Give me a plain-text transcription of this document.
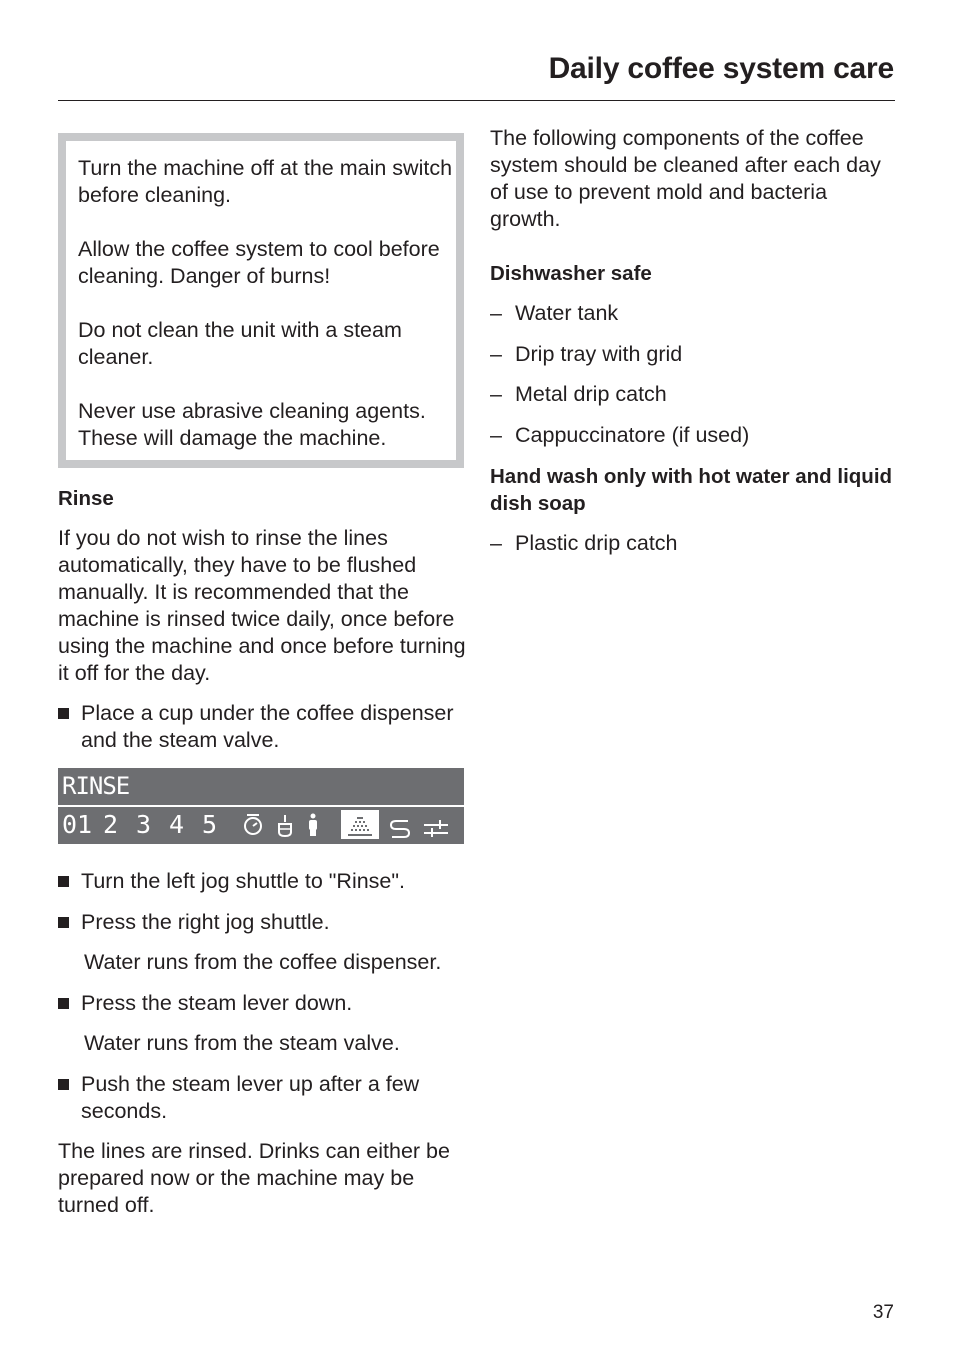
Daily coffee system care

Turn the machine off at the main switch before cleaning.

Allow the coffee system to cool before cleaning. Danger of burns!

Do not clean the unit with a steam cleaner.

Never use abrasive cleaning agents. These will damage the machine.

Rinse

If you do not wish to rinse the lines automatically, they have to be flushed manually. It is recommended that the machine is rinsed twice daily, once before using the machine and once before turning it off for the day.

Place a cup under the coffee dispenser and the steam valve.
RINSE
01 2 3 4 5
Turn the left jog shuttle to "Rinse".
Press the right jog shuttle.

Water runs from the coffee dispenser.

Press the steam lever down.

Water runs from the steam valve.

Push the steam lever up after a few seconds.

The lines are rinsed. Drinks can either be prepared now or the machine may be turned off.

The following components of the coffee system should be cleaned after each day of use to prevent mold and bacteria growth.

Dishwasher safe
– Water tank
– Drip tray with grid
– Metal drip catch
– Cappuccinatore (if used)
Hand wash only with hot water and liquid dish soap
– Plastic drip catch
37
